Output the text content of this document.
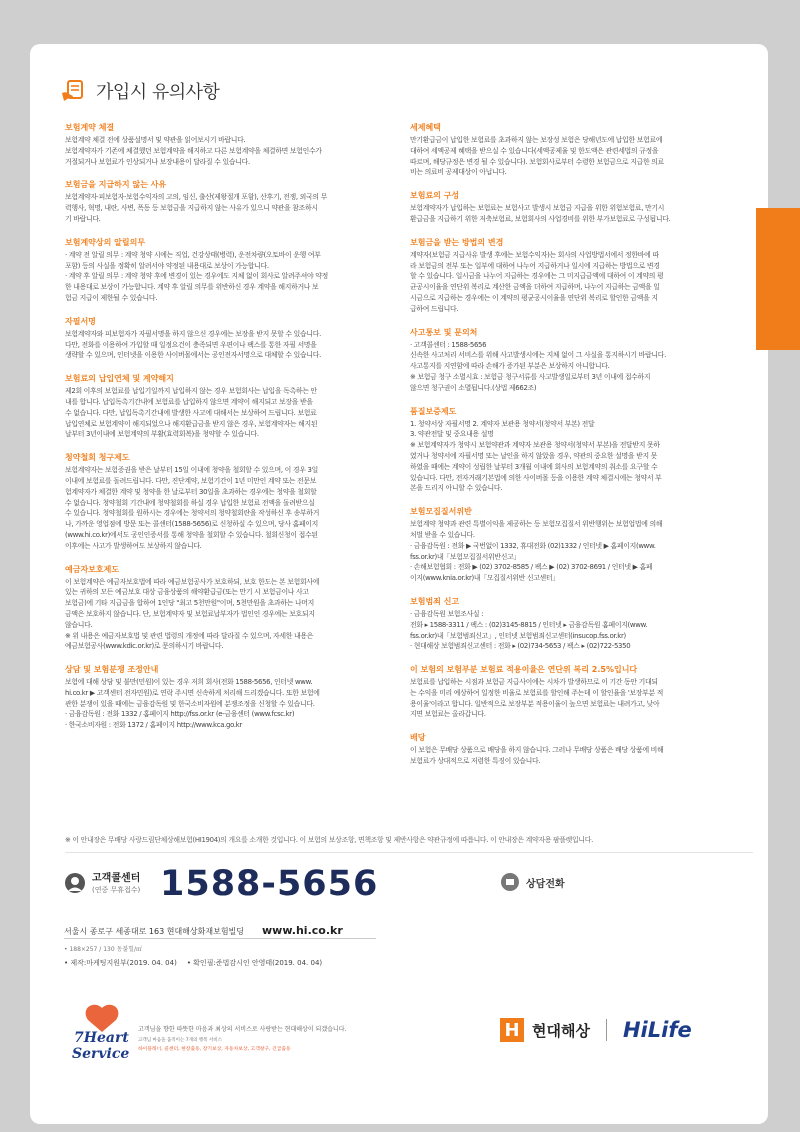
가입시 유의사항
보험계약 체결

보험계약 체결 전에 상품설명서 및 약관을 읽어보시기 바랍니다.

보험계약자가 기존에 체결했던 보험계약을 해지하고 다른 보험계약을 체결하면 보험인수가

거절되거나 보험료가 인상되거나 보장내용이 달라질 수 있습니다.

보험금을 지급하지 않는 사유

보험계약자·피보험자·보험수익자의 고의, 임신, 출산(제왕절개 포함), 산후기, 전쟁, 외국의 무

력행사, 혁명, 내란, 사변, 폭동 등 보험금을 지급하지 않는 사유가 있으니 약관을 참조하시

기 바랍니다.

보험계약상의 알릴의무

· 계약 전 알릴 의무 : 계약 청약 시에는 직업, 건강상태(병력), 운전차량(오토바이 운행 여부

포함) 등의 사실을 정확히 알려서야 약정된 내용대로 보상이 가능합니다.

· 계약 후 알릴 의무 : 계약 청약 후에 변경이 있는 경우에도 지체 없이 회사로 알려주셔야 약정

한 내용대로 보상이 가능합니다. 계약 후 알릴 의무를 위반하신 경우 계약을 해지하거나 보

험금 지급이 제한될 수 있습니다.

자필서명

보험계약자와 피보험자가 자필서명을 하지 않으신 경우에는 보장을 받지 못할 수 있습니다.

다만, 전화를 이용하여 가입할 때 일정요건이 충족되면 우편이나 팩스를 통한 자필 서명을

생략할 수 있으며, 인터넷을 이용한 사이버몰에서는 공인전자서명으로 대체할 수 있습니다.

보험료의 납입연체 및 계약해지

제2회 이후의 보험료를 납입기일까지 납입하지 않는 경우 보험회사는 납입을 독촉하는 안

내를 합니다. 납입독촉기간내에 보험료를 납입하지 않으면 계약이 해지되고 보장을 받을

수 없습니다. 다만, 납입독촉기간내에 발생한 사고에 대해서는 보상하여 드립니다. 보험료

납입연체로 보험계약이 해지되었으나 해지환급금을 받지 않은 경우, 보험계약자는 해지된

날부터 3년이내에 보험계약의 부활(효력회복)을 청약할 수 있습니다.

청약철회 청구제도

보험계약자는 보험증권을 받은 날부터 15일 이내에 청약을 철회할 수 있으며, 이 경우 3일

이내에 보험료를 돌려드립니다. 다만, 진단계약, 보험기간이 1년 미만인 계약 또는 전문보

험계약자가 체결한 계약 및 청약을 한 날로부터 30일을 초과하는 경우에는 청약을 철회할

수 없습니다. 청약철회 기간내에 청약철회를 하실 경우 납입한 보험료 전액을 돌려받으실

수 있습니다. 청약철회를 원하시는 경우에는 청약서의 청약철회란을 작성하신 후 송부하거

나, 가까운 영업점에 방문 또는 콜센터(1588-5656)로 신청하실 수 있으며, 당사 홈페이지

(www.hi.co.kr)에서도 공인인증서를 통해 청약을 철회할 수 있습니다. 철회신청이 접수된

이후에는 사고가 발생하여도 보상하지 않습니다.

예금자보호제도

이 보험계약은 예금자보호법에 따라 예금보험공사가 보호하되, 보호 한도는 본 보험회사에

있는 귀하의 모든 예금보호 대상 금융상품의 해약환급금(또는 만기 시 보험금이나 사고

보험금)에 기타 지급금을 합하여 1인당 "최고 5천만원"이며, 5천만원을 초과하는 나머지

금액은 보호하지 않습니다. 단, 보험계약자 및 보험료납부자가 법인인 경우에는 보호되지

않습니다.

※ 위 내용은 예금자보호법 및 관련 법령의 개정에 따라 달라질 수 있으며, 자세한 내용은

예금보험공사(www.kdic.or.kr)로 문의하시기 바랍니다.

상담 및 보험분쟁 조정안내

보험에 대해 상담 및 불만(민원)이 있는 경우 저희 회사(전화 1588-5656, 인터넷 www.

hi.co.kr ▶ 고객센터 전자민원)로 연락 주시면 신속하게 처리해 드리겠습니다. 또한 보험에

관한 분쟁이 있을 때에는 금융감독원 및 한국소비자원에 분쟁조정을 신청할 수 있습니다.

· 금융감독원 : 전화 1332 / 홈페이지 http://fss.or.kr (e-금융센터 (www.fcsc.kr)

· 한국소비자원 : 전화 1372 / 홈페이지 http://www.kca.go.kr

세제혜택

만기환급금이 납입한 보험료를 초과하지 않는 보장성 보험은 당해년도에 납입한 보험료에

대하여 세액공제 혜택을 받으실 수 있습니다(세액공제율 및 한도액은 관련세법의 규정을

따르며, 해당규정은 변경 될 수 있습니다). 보험회사로부터 수령한 보험금으로 지급한 의료

비는 의료비 공제대상이 아닙니다.

보험료의 구성

보험계약자가 납입하는 보험료는 보험사고 발생시 보험금 지급을 위한 위험보험료, 만기시

환급금을 지급하기 위한 저축보험료, 보험회사의 사업경비를 위한 부가보험료로 구성됩니다.

보험금을 받는 방법의 변경

계약자(보험금 지급사유 발생 후에는 보험수익자)는 회사의 사업방법서에서 정한바에 따

라 보험금의 전부 또는 일부에 대하여 나누어 지급하거나 일시에 지급하는 방법으로 변경

할 수 있습니다. 일시금을 나누어 지급하는 경우에는 그 미지급금액에 대하여 이 계약의 평

균공시이율을 연단위 복리로 계산한 금액을 더하여 지급하며, 나누어 지급하는 금액을 일

시금으로 지급하는 경우에는 이 계약의 평균공시이율을 연단위 복리로 할인한 금액을 지

급하여 드립니다.

사고통보 및 문의처

· 고객콜센터 : 1588-5656

신속한 사고처리 서비스를 위해 사고발생시에는 지체 없이 그 사실을 통지하시기 바랍니다.

사고통지를 지연함에 따라 손해가 증가된 부분은 보상하지 아니합니다.

※ 보험금 청구 소멸시효 : 보험금 청구서류를 사고발생일로부터 3년 이내에 접수하지

않으면 청구권이 소멸됩니다.(상법 제662조)

품질보증제도

1. 청약서상 자필서명 2. 계약자 보관용 청약서(청약서 부본) 전달

3. 약관전달 및 중요내용 설명

※ 보험계약자가 청약시 보험약관과 계약자 보관용 청약서(청약서 부본)을 전달받지 못하

였거나 청약서에 자필서명 또는 날인을 하지 않았을 경우, 약관의 중요한 설명을 받지 못

하였을 때에는 계약이 성립한 날부터 3개월 이내에 회사의 보험계약의 취소를 요구할 수

있습니다. 다만, 전자거래기본법에 의한 사이버몰 등을 이용한 계약 체결시에는 청약서 부

본을 드리지 아니할 수 있습니다.

보험모집질서위반

보험계약 청약과 관련 특별이익을 제공하는 등 보험모집질서 위반행위는 보험업법에 의해

처벌 받을 수 있습니다.

· 금융감독원 : 전화 ▶ 국번없이 1332, 휴대전화 (02)1332 / 인터넷 ▶ 홈페이지(www.

fss.or.kr)내「보험모집질서위반신고」

· 손해보험협회 : 전화 ▶ (02) 3702-8585 / 팩스 ▶ (02) 3702-8691 / 인터넷 ▶ 홈페

이지(www.knia.or.kr)내「모집질서위반 신고센터」

보험범죄 신고

· 금융감독원 보험조사실 :

전화 ▸ 1588-3311 / 팩스 : (02)3145-8815 / 인터넷 ▸ 금융감독원 홈페이지(www.

fss.or.kr)내「보험범죄신고」, 인터넷 보험범죄신고센터(insucop.fss.or.kr)

· 현대해상 보험범죄신고센터 : 전화 ▸ (02)734-5653 / 팩스 ▸ (02)722-5350

이 보험의 보험부분 보험료 적용이율은 연단위 복리 2.5%입니다

보험료를 납입하는 시점과 보험금 지급사이에는 시차가 발생하므로 이 기간 동안 기대되

는 수익을 미리 예상하여 일정한 비율로 보험료를 할인해 주는데 이 할인율을 '보장부분 적

용이율'이라고 합니다. 일반적으로 보장부분 적용이율이 높으면 보험료는 내려가고, 낮아

지면 보험료는 올라갑니다.

배당

이 보험은 무배당 상품으로 배당을 하지 않습니다. 그러나 무배당 상품은 배당 상품에 비해

보험료가 상대적으로 저렴한 특징이 있습니다.

※ 이 안내장은 무배당 사랑드림단체상해보험(HI1904)의 개요를 소개한 것입니다. 이 보험의 보상조항, 면책조항 및 제반사항은 약관규정에 따릅니다. 이 안내장은 계약자용 팜플렛입니다.
고객콜센터
(연중 무휴접수) 1588-5656	상담전화
서울시 종로구 세종대로 163 현대해상화재보험빌딩 www.hi.co.kr
• 188×257 / 130 동불힐/㎡
• 제작:마케팅지원부(2019. 04. 04) • 확인필:준법감시인 안영태(2019. 04. 04)
7Heart
Service
고객님을 향한 따뜻한 마음과 최상의 서비스로 사랑받는 현대해상이 되겠습니다.
고객님 마음을 움직이는 7개의 행복 서비스
하이플래너, 콜센터, 현장출동, 장기보상, 자동차보상, 고객창구, 긴급출동
H 현대해상 HiLife
